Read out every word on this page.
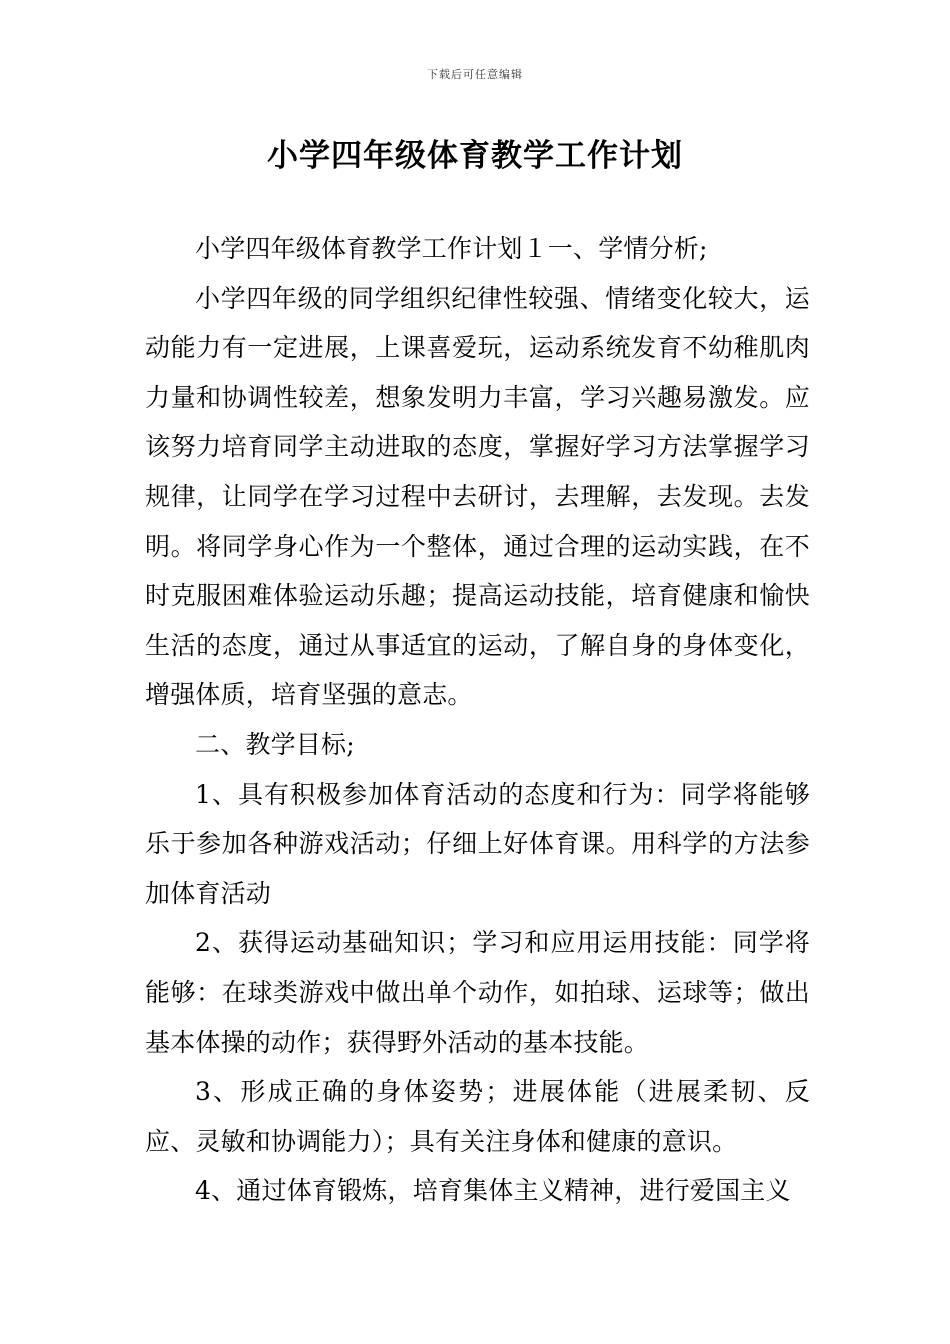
下载后可任意编辑
小学四年级体育教学工作计划

小学四年级体育教学工作计划１一、学情分析;

小学四年级的同学组织纪律性较强、情绪变化较大，运动能力有一定进展，上课喜爱玩，运动系统发育不幼稚肌肉力量和协调性较差，想象发明力丰富，学习兴趣易激发。应该努力培育同学主动进取的态度，掌握好学习方法掌握学习规律，让同学在学习过程中去研讨，去理解，去发现。去发明。将同学身心作为一个整体，通过合理的运动实践，在不时克服困难体验运动乐趣；提高运动技能，培育健康和愉快生活的态度，通过从事适宜的运动，了解自身的身体变化，增强体质，培育坚强的意志。

二、教学目标;

1、具有积极参加体育活动的态度和行为：同学将能够乐于参加各种游戏活动；仔细上好体育课。用科学的方法参加体育活动

2、获得运动基础知识；学习和应用运用技能：同学将能够：在球类游戏中做出单个动作，如拍球、运球等；做出基本体操的动作；获得野外活动的基本技能。

3、形成正确的身体姿势；进展体能（进展柔韧、反应、灵敏和协调能力）；具有关注身体和健康的意识。

4、通过体育锻炼，培育集体主义精神，进行爱国主义
